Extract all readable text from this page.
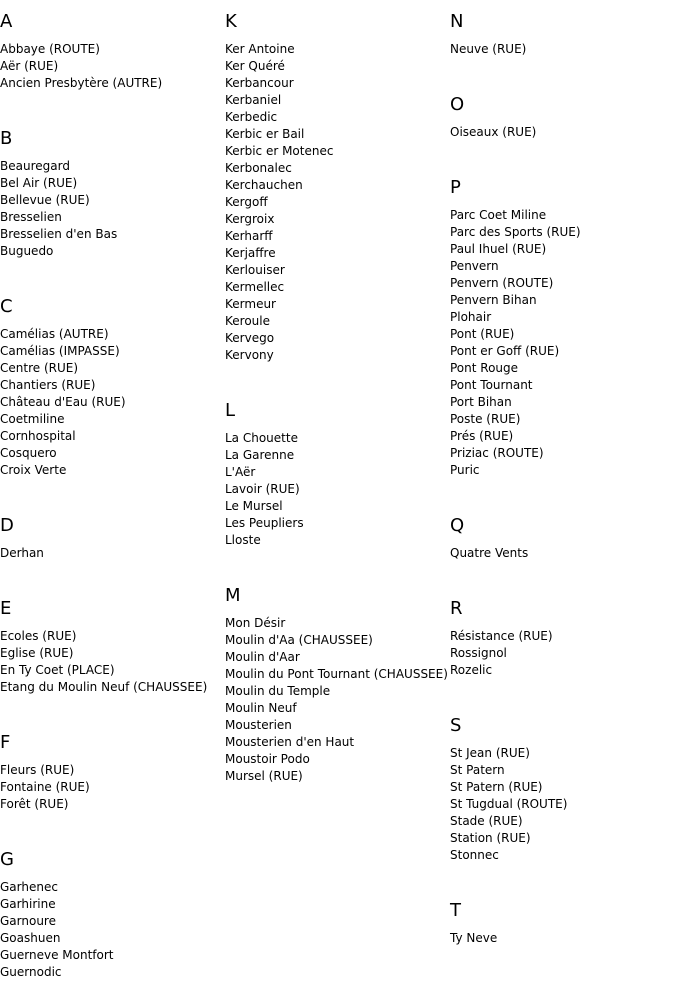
A
Abbaye (ROUTE)
Aër (RUE)
Ancien Presbytère (AUTRE)
B
Beauregard
Bel Air (RUE)
Bellevue (RUE)
Bresselien
Bresselien d'en Bas
Buguedo
C
Camélias (AUTRE)
Camélias (IMPASSE)
Centre (RUE)
Chantiers (RUE)
Château d'Eau (RUE)
Coetmiline
Cornhospital
Cosquero
Croix Verte
D
Derhan
E
Ecoles (RUE)
Eglise (RUE)
En Ty Coet (PLACE)
Etang du Moulin Neuf (CHAUSSEE)
F
Fleurs (RUE)
Fontaine (RUE)
Forêt (RUE)
G
Garhenec
Garhirine
Garnoure
Goashuen
Guerneve Montfort
Guernodic
K
Ker Antoine
Ker Quéré
Kerbancour
Kerbaniel
Kerbedic
Kerbic er Bail
Kerbic er Motenec
Kerbonalec
Kerchauchen
Kergoff
Kergroix
Kerharff
Kerjaffre
Kerlouiser
Kermellec
Kermeur
Keroule
Kervego
Kervony
L
La Chouette
La Garenne
L'Aër
Lavoir (RUE)
Le Mursel
Les Peupliers
Lloste
M
Mon Désir
Moulin d'Aa (CHAUSSEE)
Moulin d'Aar
Moulin du Pont Tournant (CHAUSSEE)
Moulin du Temple
Moulin Neuf
Mousterien
Mousterien d'en Haut
Moustoir Podo
Mursel (RUE)
N
Neuve (RUE)
O
Oiseaux (RUE)
P
Parc Coet Miline
Parc des Sports (RUE)
Paul Ihuel (RUE)
Penvern
Penvern (ROUTE)
Penvern Bihan
Plohair
Pont (RUE)
Pont er Goff (RUE)
Pont Rouge
Pont Tournant
Port Bihan
Poste (RUE)
Prés (RUE)
Priziac (ROUTE)
Puric
Q
Quatre Vents
R
Résistance (RUE)
Rossignol
Rozelic
S
St Jean (RUE)
St Patern
St Patern (RUE)
St Tugdual (ROUTE)
Stade (RUE)
Station (RUE)
Stonnec
T
Ty Neve
